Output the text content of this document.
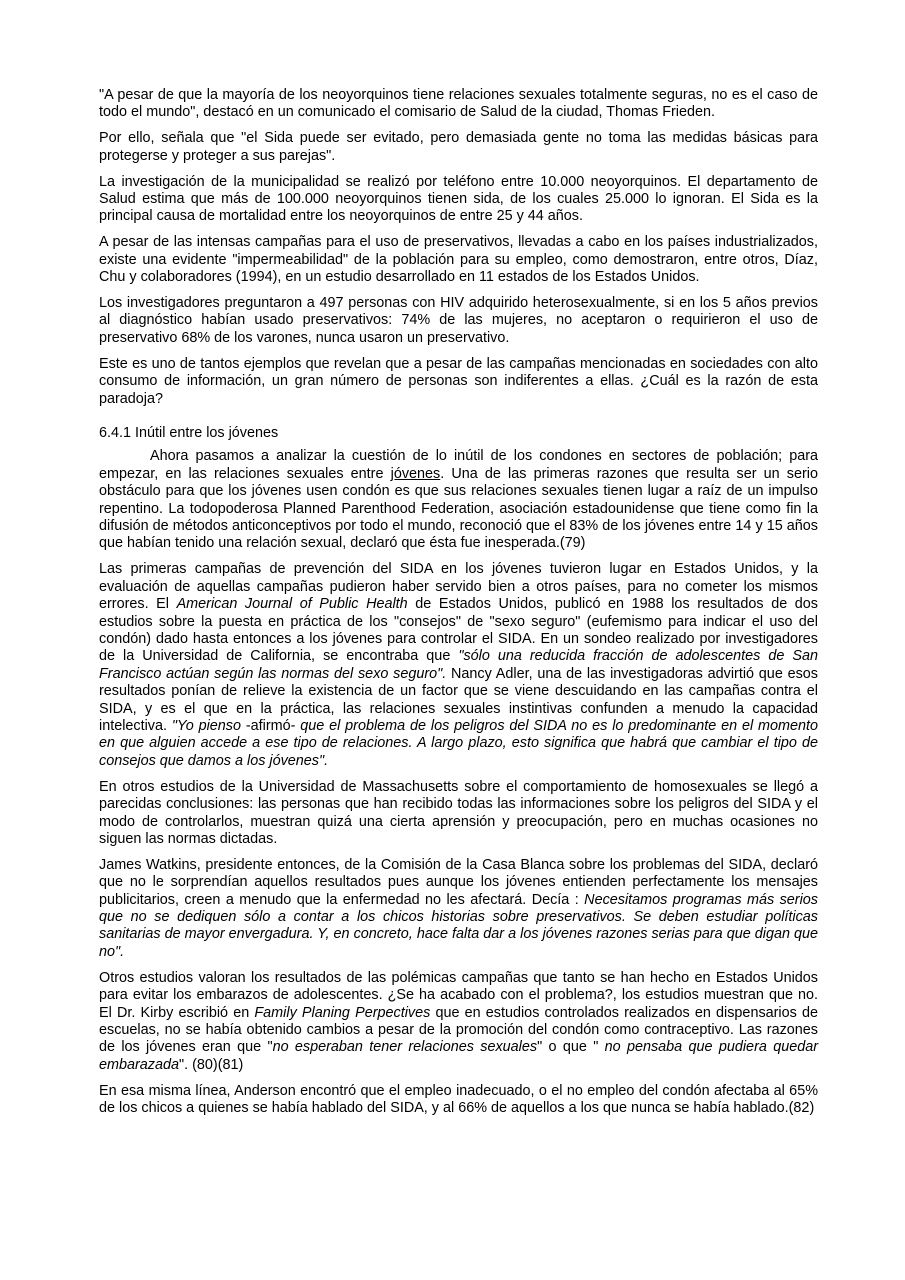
"A pesar de que la mayoría de los neoyorquinos tiene relaciones sexuales totalmente seguras, no es el caso de todo el mundo", destacó en un comunicado el comisario de Salud de la ciudad, Thomas Frieden.

Por ello, señala que "el Sida puede ser evitado, pero demasiada gente no toma las medidas básicas para protegerse y proteger a sus parejas".

La investigación de la municipalidad se realizó por teléfono entre 10.000 neoyorquinos. El departamento de Salud estima que más de 100.000 neoyorquinos tienen sida, de los cuales 25.000 lo ignoran. El Sida es la principal causa de mortalidad entre los neoyorquinos de entre 25 y 44 años.

A pesar de las intensas campañas para el uso de preservativos, llevadas a cabo en los países industrializados, existe una evidente "impermeabilidad" de la población para su empleo, como demostraron, entre otros, Díaz, Chu y colaboradores (1994), en un estudio desarrollado en 11 estados de los Estados Unidos.

Los investigadores preguntaron a 497 personas con HIV adquirido heterosexualmente, si en los 5 años previos al diagnóstico habían usado preservativos: 74% de las mujeres, no aceptaron o requirieron el uso de preservativo 68% de los varones, nunca usaron un preservativo.

Este es uno de tantos ejemplos que revelan que a pesar de las campañas mencionadas en sociedades con alto consumo de información, un gran número de personas son indiferentes a ellas. ¿Cuál es la razón de esta paradoja?

6.4.1 Inútil entre los jóvenes

Ahora pasamos a analizar la cuestión de lo inútil de los condones en sectores de población; para empezar, en las relaciones sexuales entre jóvenes. Una de las primeras razones que resulta ser un serio obstáculo para que los jóvenes usen condón es que sus relaciones sexuales tienen lugar a raíz de un impulso repentino. La todopoderosa Planned Parenthood Federation, asociación estadounidense que tiene como fin la difusión de métodos anticonceptivos por todo el mundo, reconoció que el 83% de los jóvenes entre 14 y 15 años que habían tenido una relación sexual, declaró que ésta fue inesperada.(79)

Las primeras campañas de prevención del SIDA en los jóvenes tuvieron lugar en Estados Unidos, y la evaluación de aquellas campañas pudieron haber servido bien a otros países, para no cometer los mismos errores. El American Journal of Public Health de Estados Unidos, publicó en 1988 los resultados de dos estudios sobre la puesta en práctica de los "consejos" de "sexo seguro" (eufemismo para indicar el uso del condón) dado hasta entonces a los jóvenes para controlar el SIDA. En un sondeo realizado por investigadores de la Universidad de California, se encontraba que "sólo una reducida fracción de adolescentes de San Francisco actúan según las normas del sexo seguro". Nancy Adler, una de las investigadoras advirtió que esos resultados ponían de relieve la existencia de un factor que se viene descuidando en las campañas contra el SIDA, y es el que en la práctica, las relaciones sexuales instintivas confunden a menudo la capacidad intelectiva. "Yo pienso -afirmó- que el problema de los peligros del SIDA no es lo predominante en el momento en que alguien accede a ese tipo de relaciones. A largo plazo, esto significa que habrá que cambiar el tipo de consejos que damos a los jóvenes".

En otros estudios de la Universidad de Massachusetts sobre el comportamiento de homosexuales se llegó a parecidas conclusiones: las personas que han recibido todas las informaciones sobre los peligros del SIDA y el modo de controlarlos, muestran quizá una cierta aprensión y preocupación, pero en muchas ocasiones no siguen las normas dictadas.

James Watkins, presidente entonces, de la Comisión de la Casa Blanca sobre los problemas del SIDA, declaró que no le sorprendían aquellos resultados pues aunque los jóvenes entienden perfectamente los mensajes publicitarios, creen a menudo que la enfermedad no les afectará. Decía : Necesitamos programas más serios que no se dediquen sólo a contar a los chicos historias sobre preservativos. Se deben estudiar políticas sanitarias de mayor envergadura. Y, en concreto, hace falta dar a los jóvenes razones serias para que digan que no".

Otros estudios valoran los resultados de las polémicas campañas que tanto se han hecho en Estados Unidos para evitar los embarazos de adolescentes. ¿Se ha acabado con el problema?, los estudios muestran que no. El Dr. Kirby escribió en Family Planing Perpectives que en estudios controlados realizados en dispensarios de escuelas, no se había obtenido cambios a pesar de la promoción del condón como contraceptivo. Las razones de los jóvenes eran que "no esperaban tener relaciones sexuales" o que " no pensaba que pudiera quedar embarazada". (80)(81)

En esa misma línea, Anderson encontró que el empleo inadecuado, o el no empleo del condón afectaba al 65% de los chicos a quienes se había hablado del SIDA, y al 66% de aquellos a los que nunca se había hablado.(82)
